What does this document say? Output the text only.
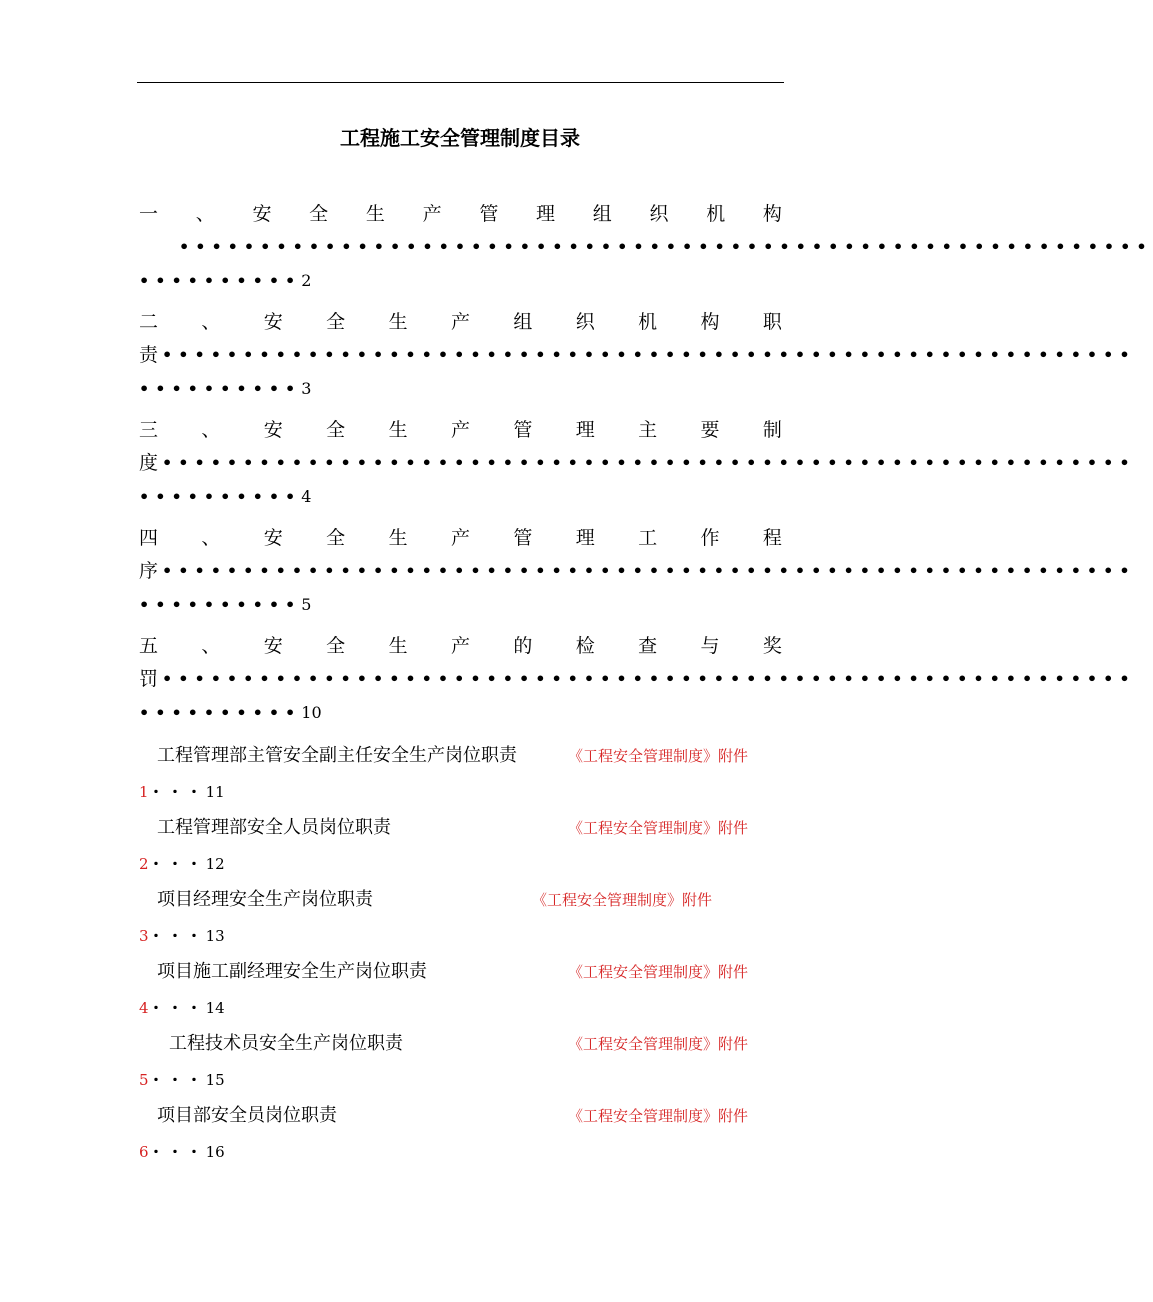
工程施工安全管理制度目录
一 、 安 全 生 产 管 理 组 织 机 构
••••••••••••••••••••••••••••••••••••••••••••••••••••••••••••
••••••••••2
二 、 安 全 生 产 组 织 机 构 职
责 ••••••••••••••••••••••••••••••••••••••••••••••••••••••••••••
••••••••••3
三 、 安 全 生 产 管 理 主 要 制
度 ••••••••••••••••••••••••••••••••••••••••••••••••••••••••••••
••••••••••4
四 、 安 全 生 产 管 理 工 作 程
序 ••••••••••••••••••••••••••••••••••••••••••••••••••••••••••••
••••••••••5
五 、 安 全 生 产 的 检 查 与 奖
罚 ••••••••••••••••••••••••••••••••••••••••••••••••••••••••••••
••••••••••10
工程管理部主管安全副主任安全生产岗位职责	《工程安全管理制度》附件
1・・・11
工程管理部安全人员岗位职责	《工程安全管理制度》附件
2・・・12
项目经理安全生产岗位职责	《工程安全管理制度》附件
3・・・13
项目施工副经理安全生产岗位职责	《工程安全管理制度》附件
4・・・14
工程技术员安全生产岗位职责	《工程安全管理制度》附件
5・・・15
项目部安全员岗位职责	《工程安全管理制度》附件
6・・・16
